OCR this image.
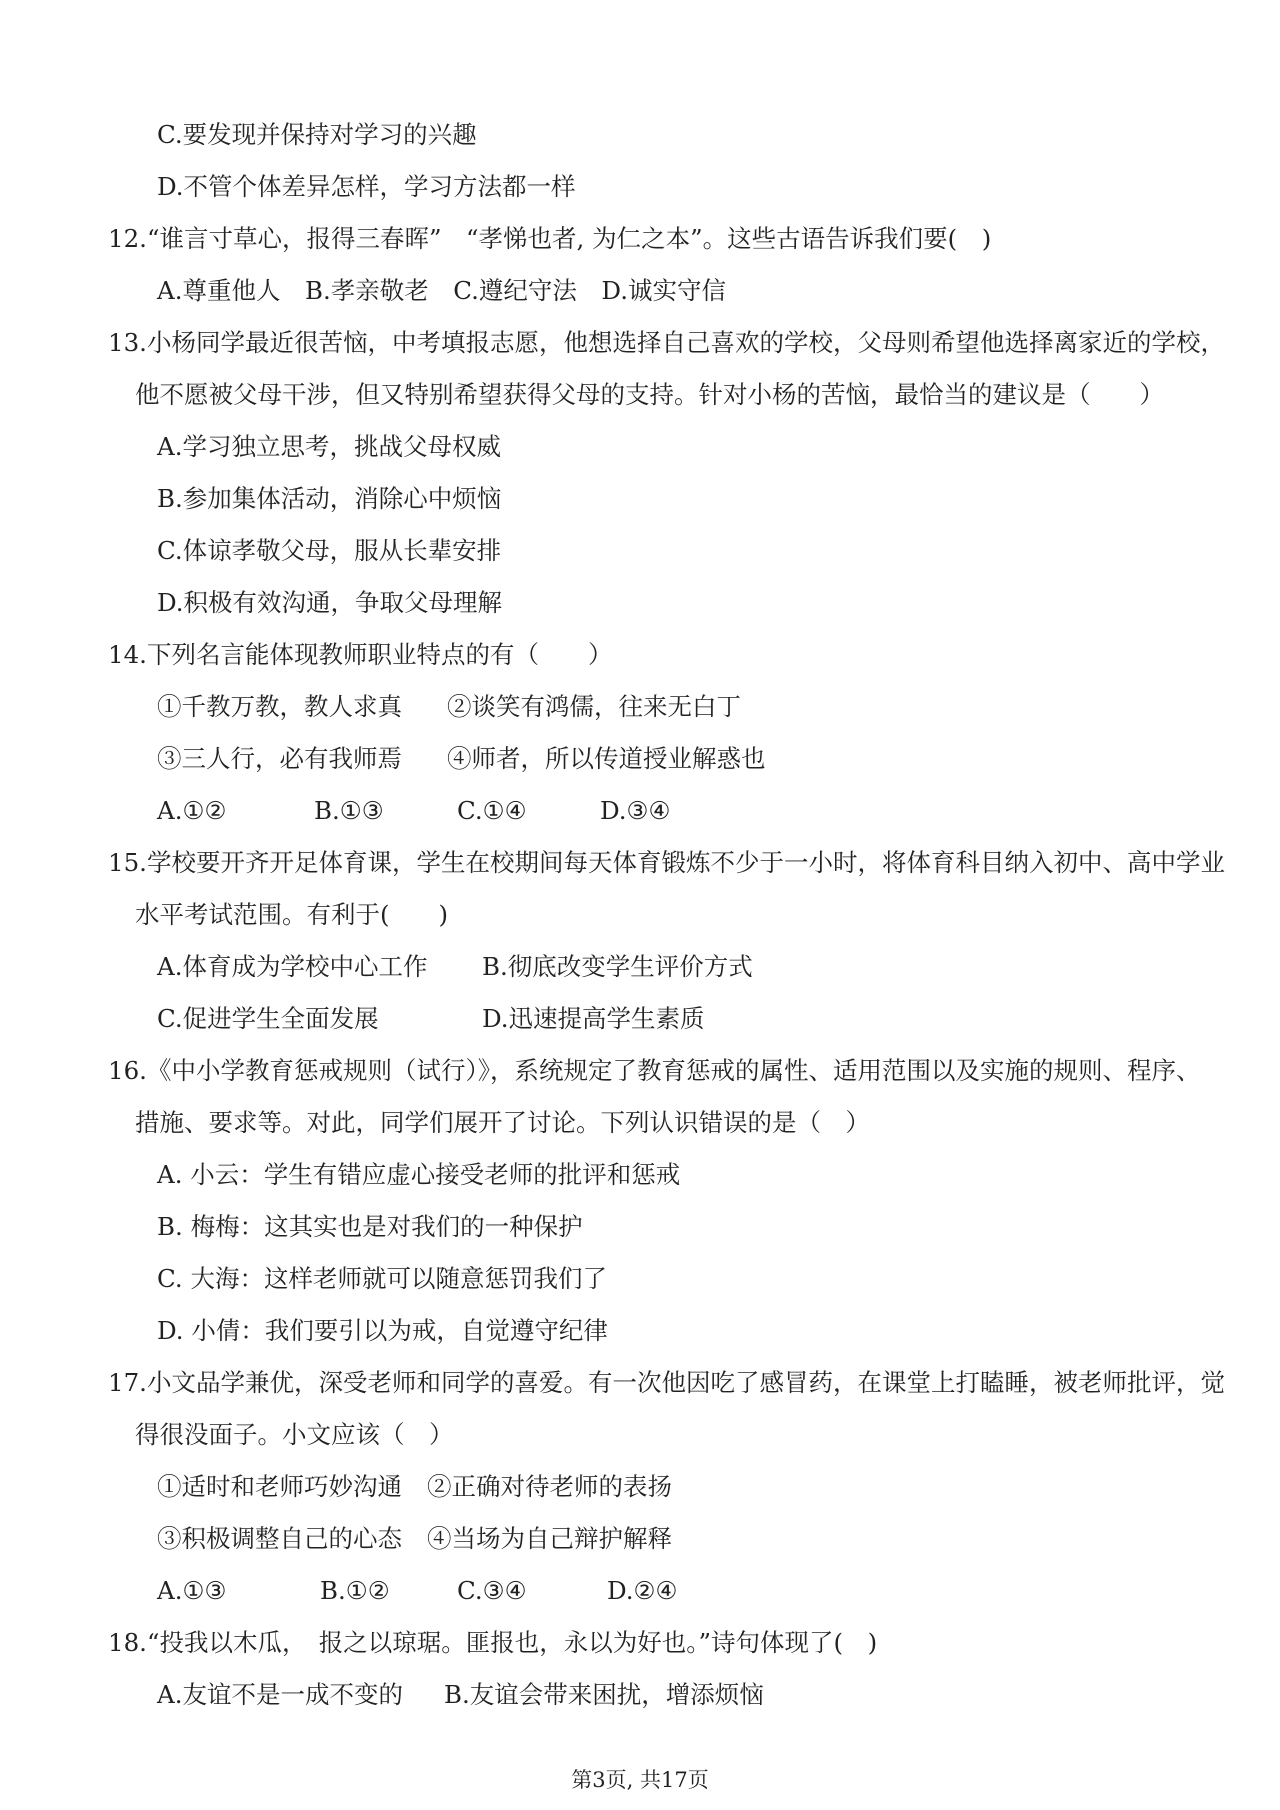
C.要发现并保持对学习的兴趣
D.不管个体差异怎样，学习方法都一样
12.“谁言寸草心，报得三春晖”　“孝悌也者, 为仁之本”。这些古语告诉我们要(　)
A.尊重他人　B.孝亲敬老　C.遵纪守法　D.诚实守信
13.小杨同学最近很苦恼，中考填报志愿，他想选择自己喜欢的学校，父母则希望他选择离家近的学校，
他不愿被父母干涉，但又特别希望获得父母的支持。针对小杨的苦恼，最恰当的建议是（　　）
A.学习独立思考，挑战父母权威
B.参加集体活动，消除心中烦恼
C.体谅孝敬父母，服从长辈安排
D.积极有效沟通，争取父母理解
14.下列名言能体现教师职业特点的有（　　）
①千教万教，教人求真 ②谈笑有鸿儒，往来无白丁
③三人行，必有我师焉 ④师者，所以传道授业解惑也
A.①②	B.①③	C.①④	D.③④
15.学校要开齐开足体育课，学生在校期间每天体育锻炼不少于一小时，将体育科目纳入初中、高中学业
水平考试范围。有利于(　　)
A.体育成为学校中心工作 B.彻底改变学生评价方式
C.促进学生全面发展	D.迅速提高学生素质
16.《中小学教育惩戒规则（试行）》，系统规定了教育惩戒的属性、适用范围以及实施的规则、程序、
措施、要求等。对此，同学们展开了讨论。下列认识错误的是（　）
A. 小云：学生有错应虚心接受老师的批评和惩戒
B. 梅梅：这其实也是对我们的一种保护
C. 大海：这样老师就可以随意惩罚我们了
D. 小倩：我们要引以为戒，自觉遵守纪律
17.小文品学兼优，深受老师和同学的喜爱。有一次他因吃了感冒药，在课堂上打瞌睡，被老师批评，觉
得很没面子。小文应该（　）
①适时和老师巧妙沟通 ②正确对待老师的表扬
③积极调整自己的心态 ④当场为自己辩护解释
A.①③	B.①②	C.③④	D.②④
18.“投我以木瓜，　报之以琼琚。匪报也，永以为好也。”诗句体现了(　)
A.友谊不是一成不变的 B.友谊会带来困扰，增添烦恼
第3页, 共17页
